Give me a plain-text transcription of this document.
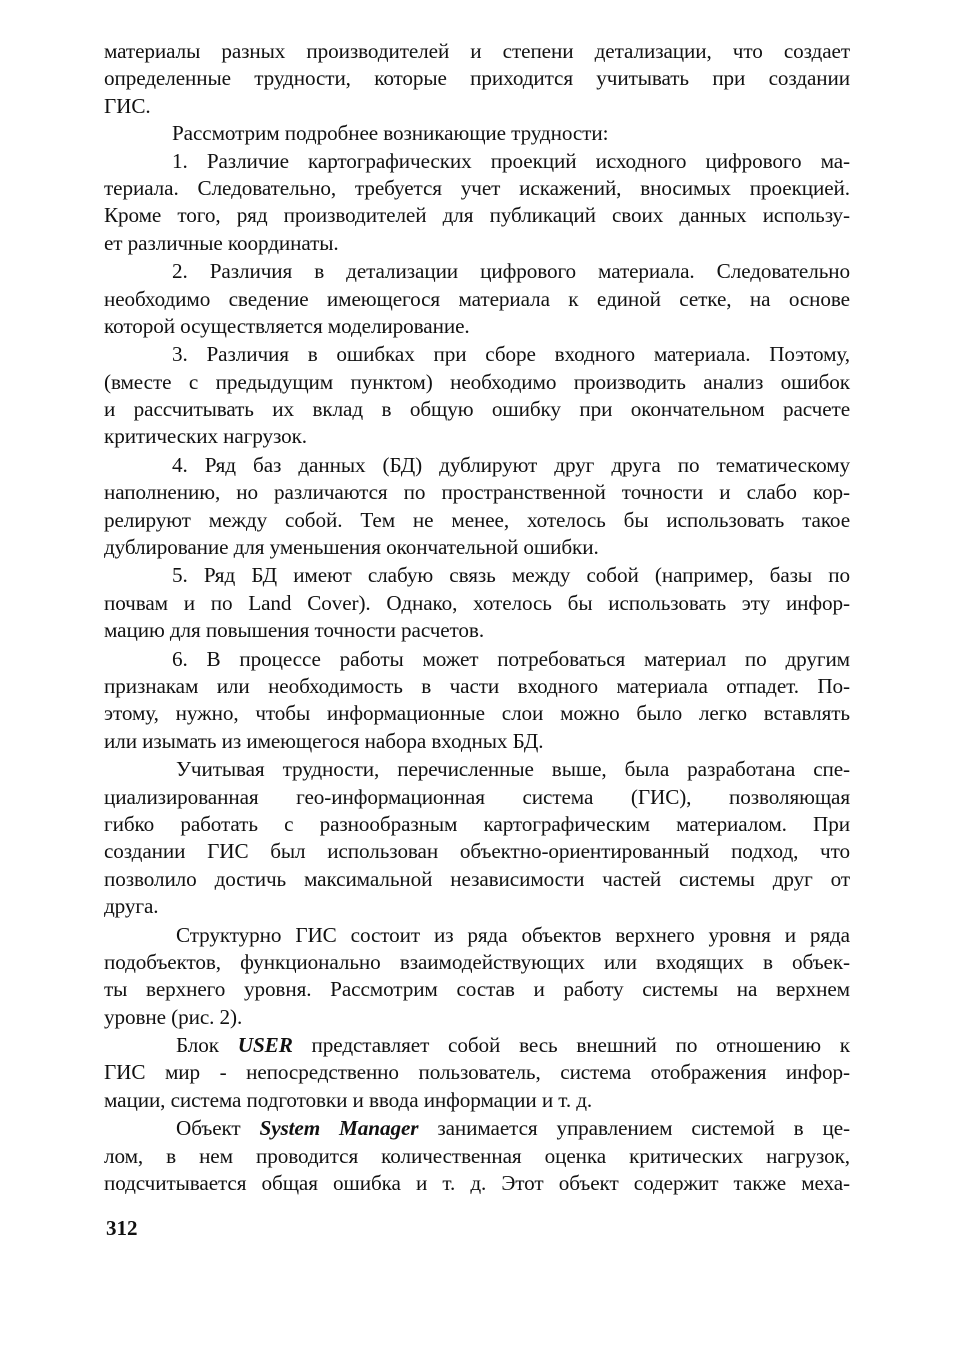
материалы разных производителей и степени детализации, что создает
определенные трудности, которые приходится учитывать при создании
ГИС.

Рассмотрим подробнее возникающие трудности:

1. Различие картографических проекций исходного цифрового ма-
териала. Следовательно, требуется учет искажений, вносимых проекцией.
Кроме того, ряд производителей для публикаций своих данных использу-
ет различные координаты.

2. Различия в детализации цифрового материала. Следовательно
необходимо сведение имеющегося материала к единой сетке, на основе
которой осуществляется моделирование.

3. Различия в ошибках при сборе входного материала. Поэтому,
(вместе с предыдущим пунктом) необходимо производить анализ ошибок
и рассчитывать их вклад в общую ошибку при окончательном расчете
критических нагрузок.

4. Ряд баз данных (БД) дублируют друг друга по тематическому
наполнению, но различаются по пространственной точности и слабо кор-
релируют между собой. Тем не менее, хотелось бы использовать такое
дублирование для уменьшения окончательной ошибки.

5. Ряд БД имеют слабую связь между собой (например, базы по
почвам и по Land Cover). Однако, хотелось бы использовать эту инфор-
мацию для повышения точности расчетов.

6. В процессе работы может потребоваться материал по другим
признакам или необходимость в части входного материала отпадет. По-
этому, нужно, чтобы информационные слои можно было легко вставлять
или изымать из имеющегося набора входных БД.

Учитывая трудности, перечисленные выше, была разработана спе-
циализированная гео-информационная система (ГИС), позволяющая
гибко работать с разнообразным картографическим материалом. При
создании ГИС был использован объектно-ориентированный подход, что
позволило достичь максимальной независимости частей системы друг от
друга.

Структурно ГИС состоит из ряда объектов верхнего уровня и ряда
подобъектов, функционально взаимодействующих или входящих в объек-
ты верхнего уровня. Рассмотрим состав и работу системы на верхнем
уровне (рис. 2).

Блок USER представляет собой весь внешний по отношению к
ГИС мир - непосредственно пользователь, система отображения инфор-
мации, система подготовки и ввода информации и т. д.

Объект System Manager занимается управлением системой в це-
лом, в нем проводится количественная оценка критических нагрузок,
подсчитывается общая ошибка и т. д. Этот объект содержит также меха-

312
